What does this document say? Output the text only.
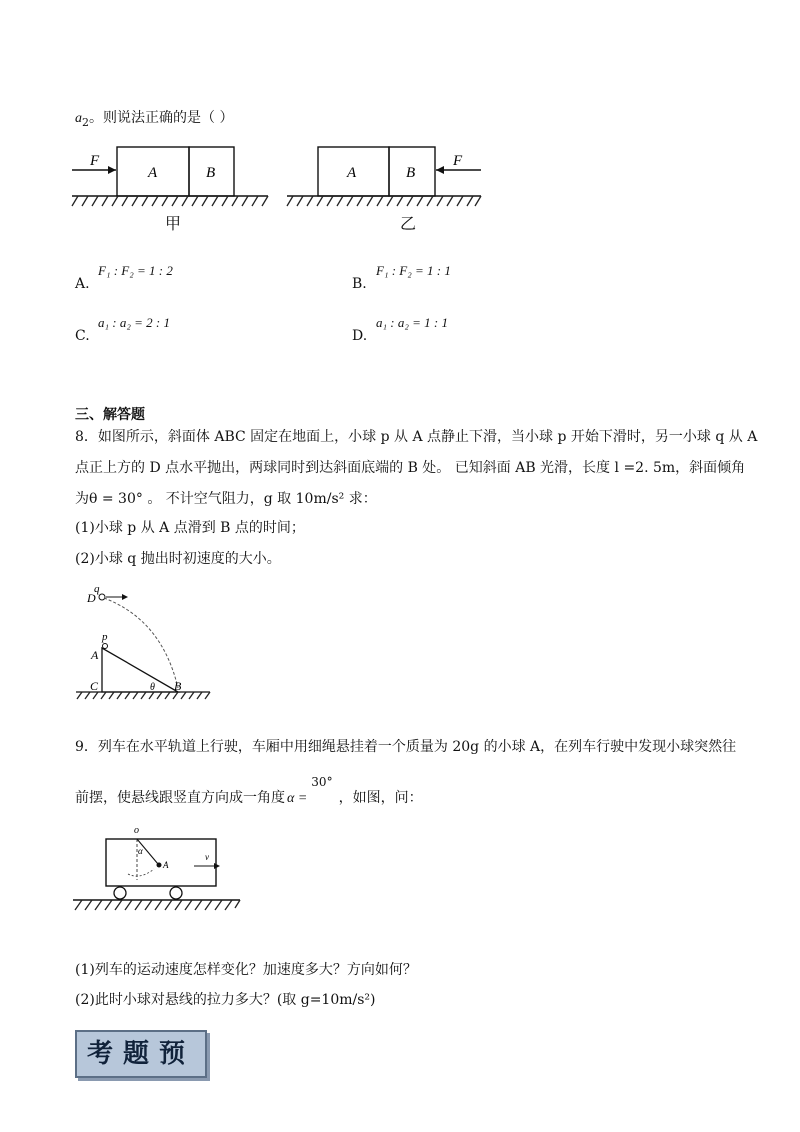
$a_2$。则说法正确的是（ ）
F
A	B
甲
A	B
F
乙
A.
F₁ : F₂ = 1 : 2
B.
F₁ : F₂ = 1 : 1
C.
a₁ : a₂ = 2 : 1
D.
a₁ : a₂ = 1 : 1
三、解答题
8．如图所示，斜面体 ABC 固定在地面上，小球 p 从 A 点静止下滑，当小球 p 开始下滑时，另一小球 q 从 A
点正上方的 D 点水平抛出，两球同时到达斜面底端的 B 处。 已知斜面 AB 光滑，长度 l =2. 5m，斜面倾角
为θ = 30° 。 不计空气阻力，g 取 10m/s² 求：
(1)小球 p 从 A 点滑到 B 点的时间；
(2)小球 q 抛出时初速度的大小。
q
D
p
A
C	θ B
9．列车在水平轨道上行驶，车厢中用细绳悬挂着一个质量为 20g 的小球 A，在列车行驶中发现小球突然往
前摆，使悬线跟竖直方向成一角度 α =30°，如图，问：
o
α
A
v
(1)列车的运动速度怎样变化？加速度多大？方向如何？
(2)此时小球对悬线的拉力多大？(取 g=10m/s²)
考题预
